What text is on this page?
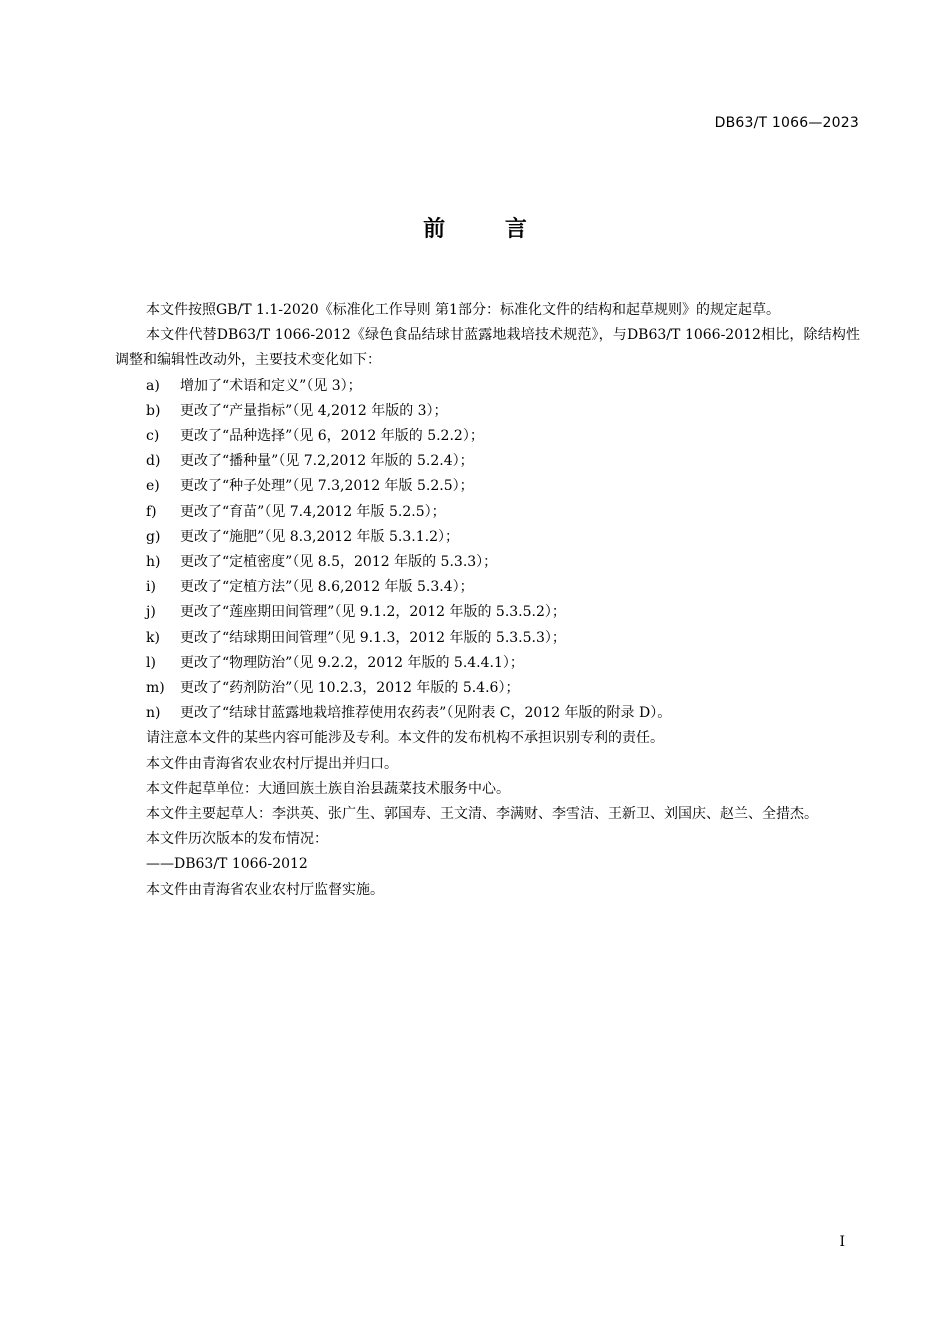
DB63/T 1066—2023
前 言

本文件按照GB/T 1.1-2020《标准化工作导则 第1部分：标准化文件的结构和起草规则》的规定起草。

本文件代替DB63/T 1066-2012《绿色食品结球甘蓝露地栽培技术规范》，与DB63/T 1066-2012相比，除结构性调整和编辑性改动外，主要技术变化如下：

a) 增加了“术语和定义”（见 3）；
b) 更改了“产量指标”（见 4,2012 年版的 3）；
c) 更改了“品种选择”（见 6，2012 年版的 5.2.2）；
d) 更改了“播种量”（见 7.2,2012 年版的 5.2.4）；
e) 更改了“种子处理”（见 7.3,2012 年版 5.2.5）；
f) 更改了“育苗”（见 7.4,2012 年版 5.2.5）；
g) 更改了“施肥”（见 8.3,2012 年版 5.3.1.2）；
h) 更改了“定植密度”（见 8.5，2012 年版的 5.3.3）；
i) 更改了“定植方法”（见 8.6,2012 年版 5.3.4）；
j) 更改了“莲座期田间管理”（见 9.1.2，2012 年版的 5.3.5.2）；
k) 更改了“结球期田间管理”（见 9.1.3，2012 年版的 5.3.5.3）；
l) 更改了“物理防治”（见 9.2.2，2012 年版的 5.4.4.1）；
m) 更改了“药剂防治”（见 10.2.3，2012 年版的 5.4.6）；
n) 更改了“结球甘蓝露地栽培推荐使用农药表”（见附表 C，2012 年版的附录 D）。

请注意本文件的某些内容可能涉及专利。本文件的发布机构不承担识别专利的责任。

本文件由青海省农业农村厅提出并归口。

本文件起草单位：大通回族土族自治县蔬菜技术服务中心。

本文件主要起草人：李洪英、张广生、郭国寿、王文清、李满财、李雪洁、王新卫、刘国庆、赵兰、全措杰。

本文件历次版本的发布情况：

——DB63/T 1066-2012

本文件由青海省农业农村厅监督实施。

I
